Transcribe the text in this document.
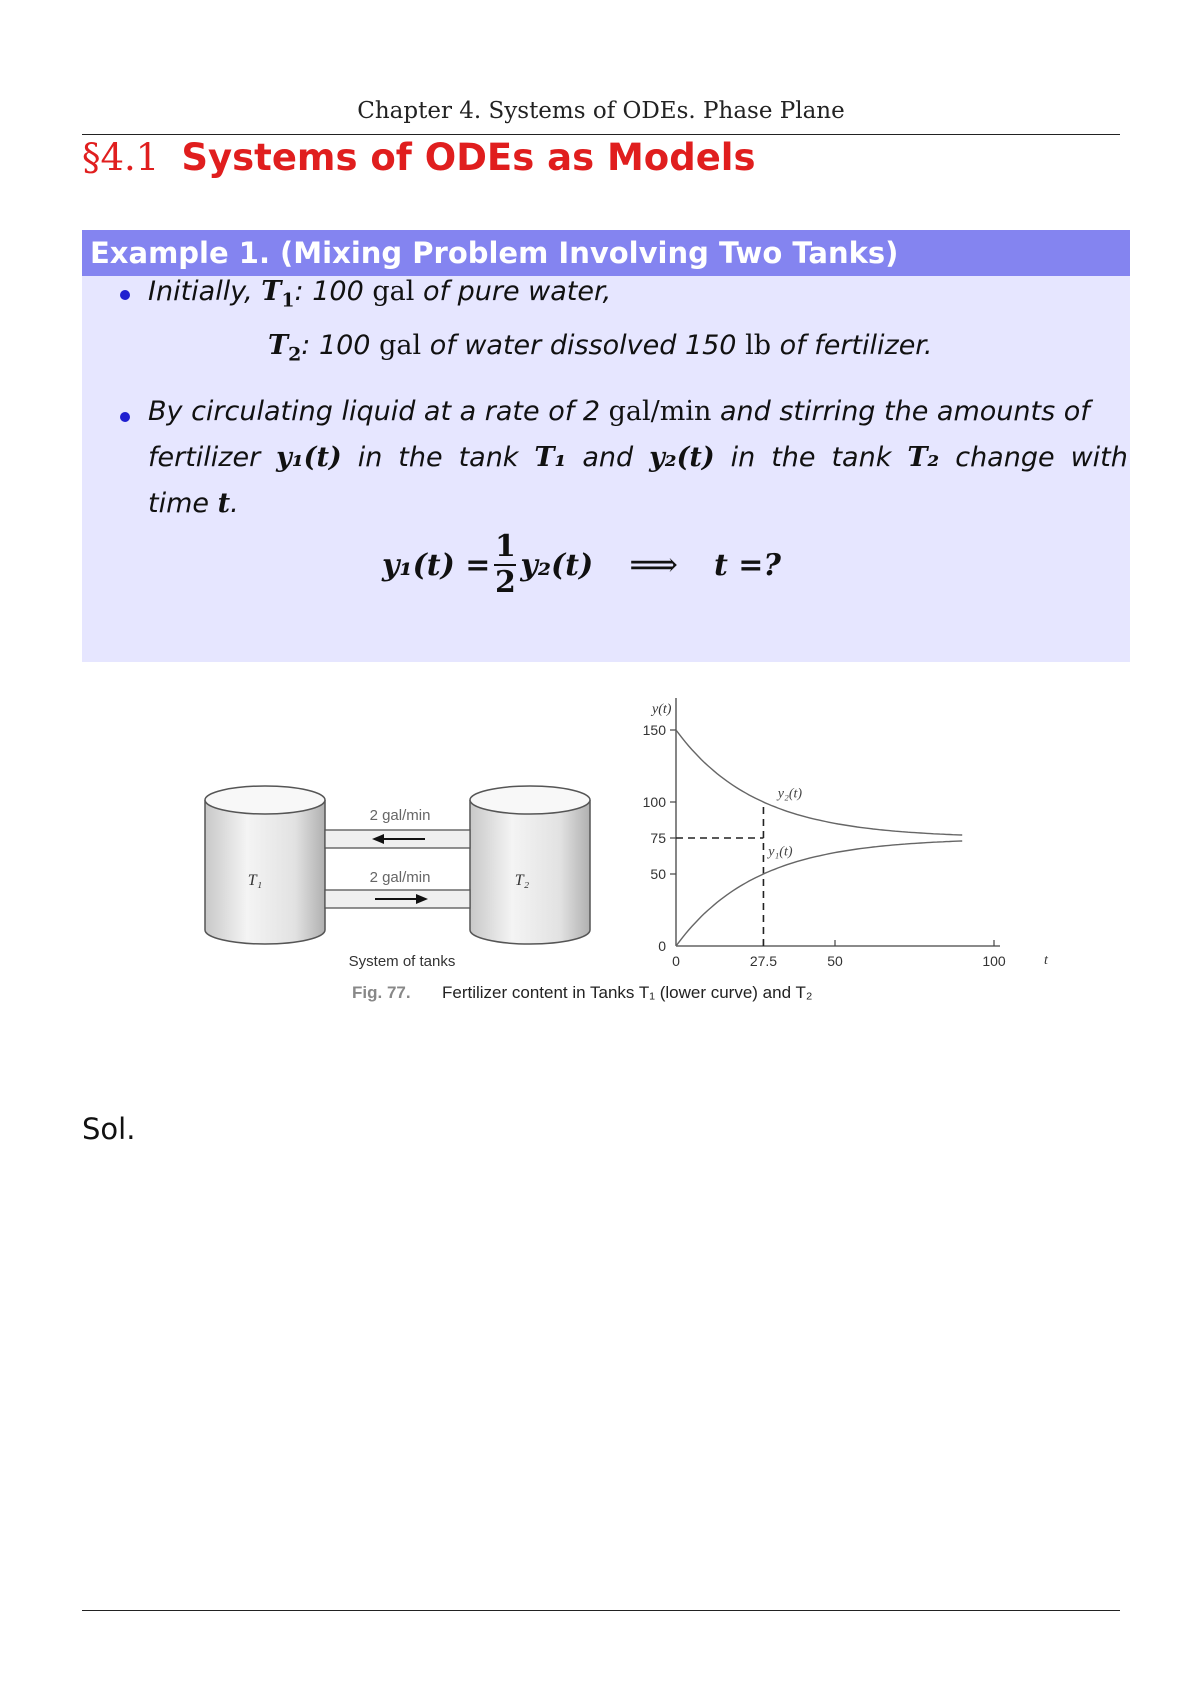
Chapter 4. Systems of ODEs. Phase Plane
§4.1 Systems of ODEs as Models
Example 1. (Mixing Problem Involving Two Tanks)
Initially, $T_1$: 100 gal of pure water,
$T_2$: 100 gal of water dissolved 150 lb of fertilizer.
By circulating liquid at a rate of 2 gal/min and stirring the amounts of
fertilizer y₁(t) in the tank T₁ and y₂(t) in the tank T₂ change with
time t.
$y_1(t) = \frac{1}{2} y_2(t)$ ⟹ t =?
2 gal/min
2 gal/min
T₁	T₂
System of tanks
y(t)
t
0
50
75
100
150
0	27.5	50	100
y₂(t)
y₁(t)
Fig. 77. Fertilizer content in Tanks T₁ (lower curve) and T₂
Sol.
